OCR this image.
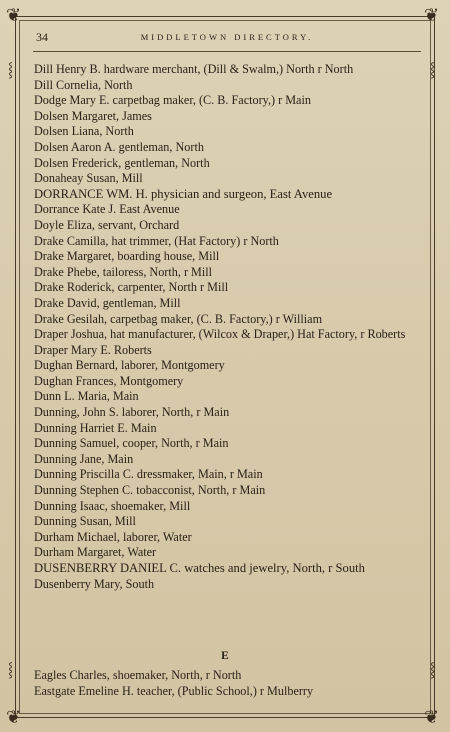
❦	❦
❦	❦
⸾	⸾
⸾	⸾
34	MIDDLETOWN DIRECTORY.
Dill Henry B. hardware merchant, (Dill & Swalm,) North r North
Dill Cornelia, North
Dodge Mary E. carpetbag maker, (C. B. Factory,) r Main
Dolsen Margaret, James
Dolsen Liana, North
Dolsen Aaron A. gentleman, North
Dolsen Frederick, gentleman, North
Donaheay Susan, Mill
DORRANCE WM. H. physician and surgeon, East Avenue
Dorrance Kate J. East Avenue
Doyle Eliza, servant, Orchard
Drake Camilla, hat trimmer, (Hat Factory) r North
Drake Margaret, boarding house, Mill
Drake Phebe, tailoress, North, r Mill
Drake Roderick, carpenter, North r Mill
Drake David, gentleman, Mill
Drake Gesilah, carpetbag maker, (C. B. Factory,) r William
Draper Joshua, hat manufacturer, (Wilcox & Draper,) Hat Factory, r Roberts
Draper Mary E. Roberts
Dughan Bernard, laborer, Montgomery
Dughan Frances, Montgomery
Dunn L. Maria, Main
Dunning, John S. laborer, North, r Main
Dunning Harriet E. Main
Dunning Samuel, cooper, North, r Main
Dunning Jane, Main
Dunning Priscilla C. dressmaker, Main, r Main
Dunning Stephen C. tobacconist, North, r Main
Dunning Isaac, shoemaker, Mill
Dunning Susan, Mill
Durham Michael, laborer, Water
Durham Margaret, Water
DUSENBERRY DANIEL C. watches and jewelry, North, r South
Dusenberry Mary, South
E
Eagles Charles, shoemaker, North, r North
Eastgate Emeline H. teacher, (Public School,) r Mulberry
